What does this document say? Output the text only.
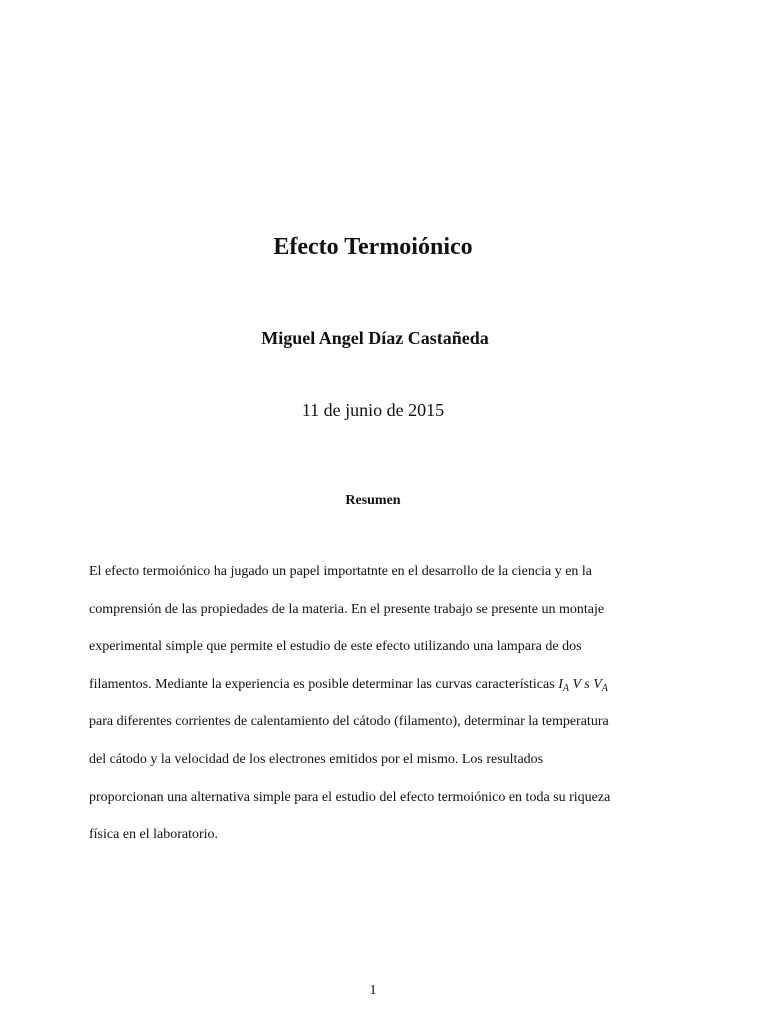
Efecto Termoiónico
Miguel Angel Díaz Castañeda
11 de junio de 2015
Resumen
El efecto termoiónico ha jugado un papel importatnte en el desarrollo de la ciencia y en la
comprensión de las propiedades de la materia. En el presente trabajo se presente un montaje
experimental simple que permite el estudio de este efecto utilizando una lampara de dos
filamentos. Mediante la experiencia es posible determinar las curvas características $I_A$ V s $V_A$
para diferentes corrientes de calentamiento del cátodo (filamento), determinar la temperatura
del cátodo y la velocidad de los electrones emitidos por el mismo. Los resultados
proporcionan una alternativa simple para el estudio del efecto termoiónico en toda su riqueza
física en el laboratorio.
1
